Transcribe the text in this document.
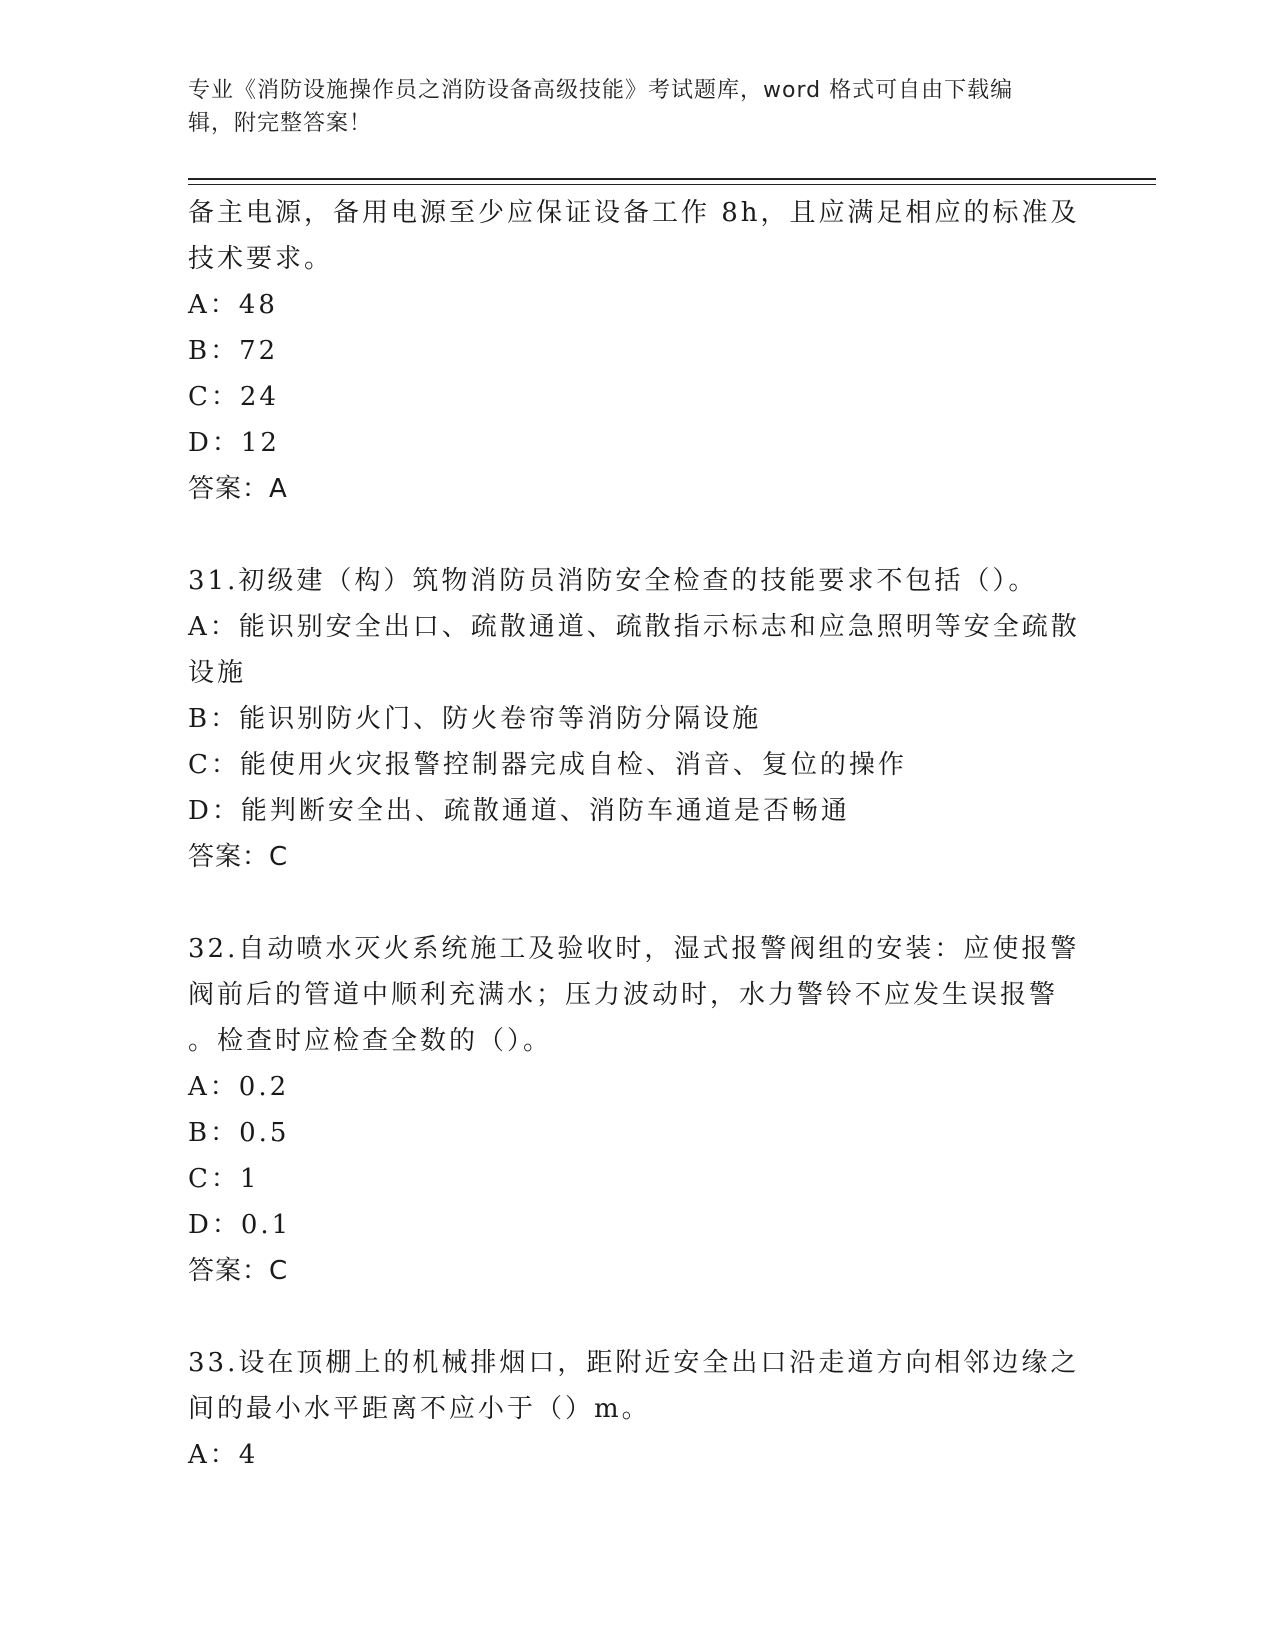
专业《消防设施操作员之消防设备高级技能》考试题库，word 格式可自由下载编
辑，附完整答案！
备主电源，备用电源至少应保证设备工作 8h，且应满足相应的标准及
技术要求。
A：48
B：72
C：24
D：12
答案：A
31.初级建（构）筑物消防员消防安全检查的技能要求不包括（）。
A：能识别安全出口、疏散通道、疏散指示标志和应急照明等安全疏散
设施
B：能识别防火门、防火卷帘等消防分隔设施
C：能使用火灾报警控制器完成自检、消音、复位的操作
D：能判断安全出、疏散通道、消防车通道是否畅通
答案：C
32.自动喷水灭火系统施工及验收时，湿式报警阀组的安装：应使报警
阀前后的管道中顺利充满水；压力波动时，水力警铃不应发生误报警
。检查时应检查全数的（）。
A：0.2
B：0.5
C：1
D：0.1
答案：C
33.设在顶棚上的机械排烟口，距附近安全出口沿走道方向相邻边缘之
间的最小水平距离不应小于（）m。
A：4
